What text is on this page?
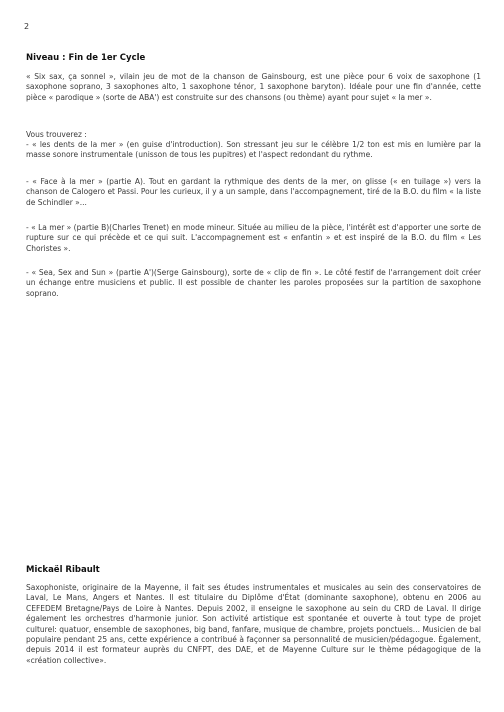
2
Niveau : Fin de 1er Cycle

« Six sax, ça sonnel », vilain jeu de mot de la chanson de Gainsbourg, est une pièce pour 6 voix de saxophone (1 saxophone soprano, 3 saxophones alto, 1 saxophone ténor, 1 saxophone baryton). Idéale pour une fin d'année, cette pièce « parodique » (sorte de ABA') est construite sur des chansons (ou thème) ayant pour sujet « la mer ».

Vous trouverez :

- « les dents de la mer » (en guise d'introduction). Son stressant jeu sur le célèbre 1/2 ton est mis en lumière par la masse sonore instrumentale (unisson de tous les pupitres) et l'aspect redondant du rythme.

- « Face à la mer » (partie A). Tout en gardant la rythmique des dents de la mer, on glisse (« en tuilage ») vers la chanson de Calogero et Passi. Pour les curieux, il y a un sample, dans l'accompagnement, tiré de la B.O. du film « la liste de Schindler »...

- « La mer » (partie B)(Charles Trenet) en mode mineur. Située au milieu de la pièce, l'intérêt est d'apporter une sorte de rupture sur ce qui précède et ce qui suit. L'accompagnement est « enfantin » et est inspiré de la B.O. du film « Les Choristes ».

- « Sea, Sex and Sun » (partie A')(Serge Gainsbourg), sorte de « clip de fin ». Le côté festif de l'arrangement doit créer un échange entre musiciens et public. Il est possible de chanter les paroles proposées sur la partition de saxophone soprano.

Mickaël Ribault

Saxophoniste, originaire de la Mayenne, il fait ses études instrumentales et musicales au sein des conservatoires de Laval, Le Mans, Angers et Nantes. Il est titulaire du Diplôme d'État (dominante saxophone), obtenu en 2006 au CEFEDEM Bretagne/Pays de Loire à Nantes. Depuis 2002, il enseigne le saxophone au sein du CRD de Laval. Il dirige également les orchestres d'harmonie junior. Son activité artistique est spontanée et ouverte à tout type de projet culturel: quatuor, ensemble de saxophones, big band, fanfare, musique de chambre, projets ponctuels... Musicien de bal populaire pendant 25 ans, cette expérience a contribué à façonner sa personnalité de musicien/pédagogue. Également, depuis 2014 il est formateur auprès du CNFPT, des DAE, et de Mayenne Culture sur le thème pédagogique de la «création collective».
